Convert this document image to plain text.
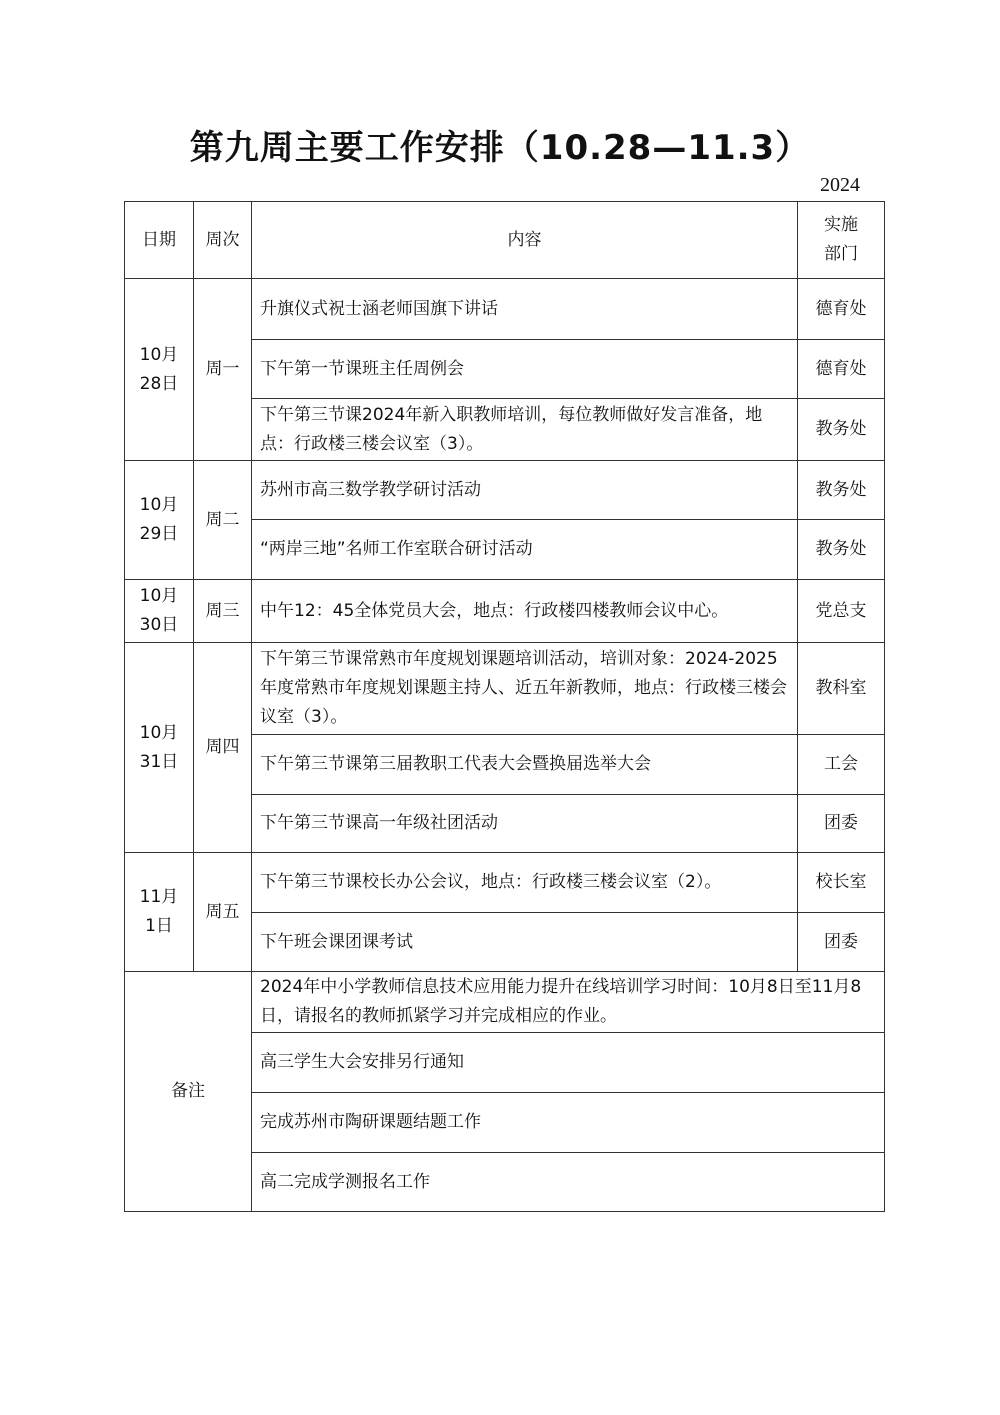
第九周主要工作安排（10.28—11.3）
2024
日期	周次	内容	实施
部门

10月
28日	周一	升旗仪式祝士涵老师国旗下讲话	德育处
		下午第一节课班主任周例会	德育处
		下午第三节课2024年新入职教师培训，每位教师做好发言准备，地点：行政楼三楼会议室（3）。	教务处

10月
29日	周二	苏州市高三数学教学研讨活动	教务处
		“两岸三地”名师工作室联合研讨活动	教务处

10月
30日	周三	中午12：45全体党员大会，地点：行政楼四楼教师会议中心。	党总支

10月
31日	周四	下午第三节课常熟市年度规划课题培训活动，培训对象：2024-2025年度常熟市年度规划课题主持人、近五年新教师，地点：行政楼三楼会议室（3）。	教科室
		下午第三节课第三届教职工代表大会暨换届选举大会	工会
		下午第三节课高一年级社团活动	团委

11月
1日	周五	下午第三节课校长办公会议，地点：行政楼三楼会议室（2）。	校长室
		下午班会课团课考试	团委
备注		2024年中小学教师信息技术应用能力提升在线培训学习时间：10月8日至11月8日，请报名的教师抓紧学习并完成相应的作业。	
		高三学生大会安排另行通知	
		完成苏州市陶研课题结题工作	
		高二完成学测报名工作	
